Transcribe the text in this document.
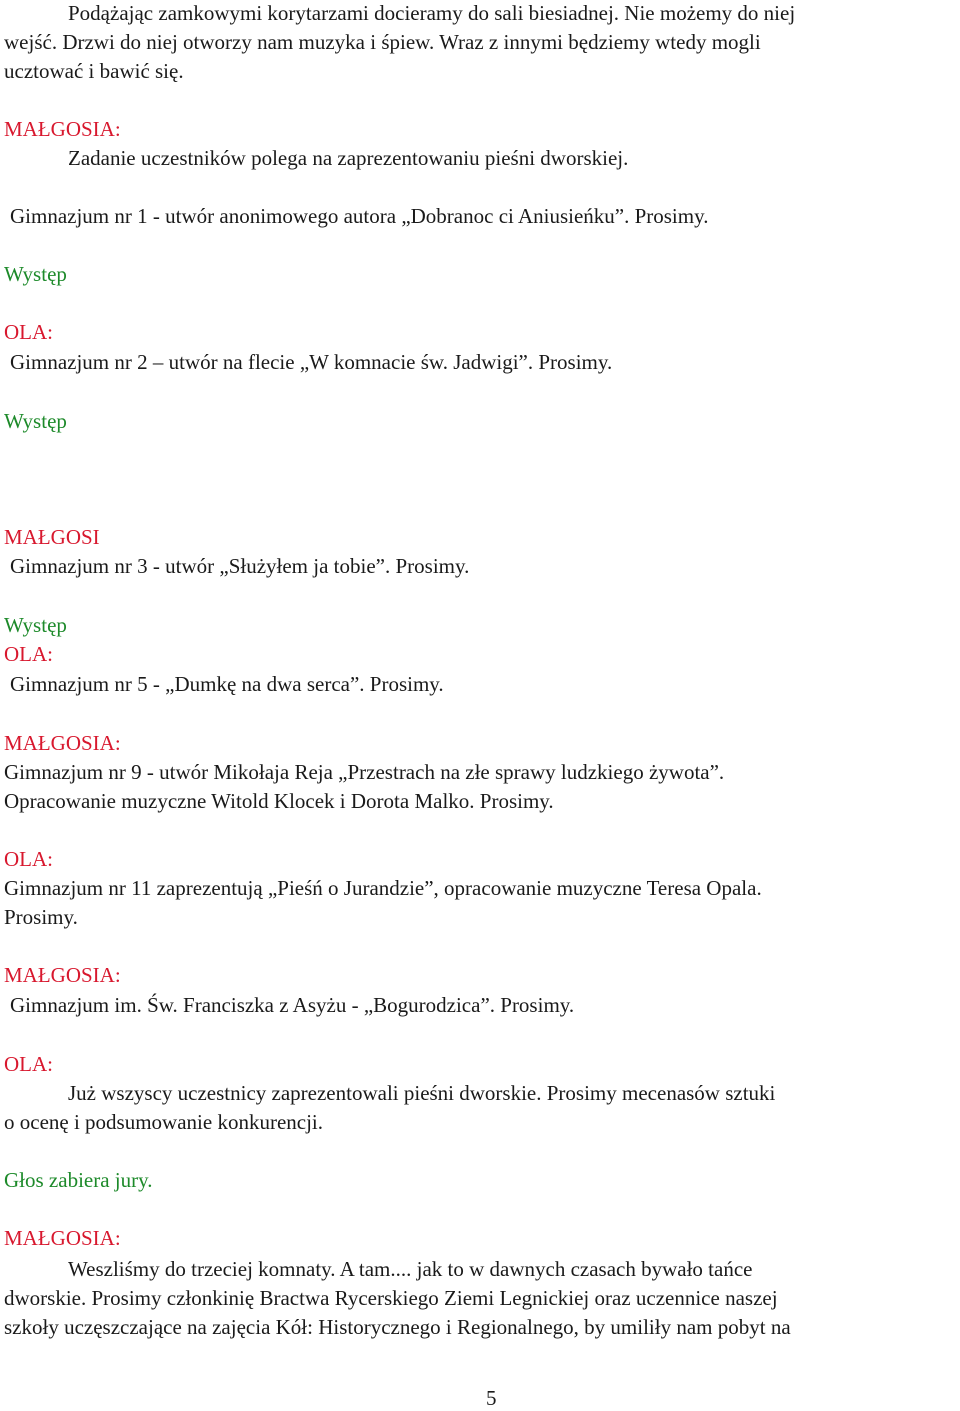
Podążając zamkowymi korytarzami docieramy do sali biesiadnej. Nie możemy do niej
wejść. Drzwi do niej otworzy nam muzyka i śpiew. Wraz z innymi będziemy wtedy mogli
ucztować i bawić się.
MAŁGOSIA:
Zadanie uczestników polega na zaprezentowaniu pieśni dworskiej.
Gimnazjum nr 1 - utwór anonimowego autora „Dobranoc ci Aniusieńku”. Prosimy.
Występ
OLA:
Gimnazjum nr 2 – utwór na flecie „W komnacie św. Jadwigi”. Prosimy.
Występ
MAŁGOSI
Gimnazjum nr 3 - utwór „Służyłem ja tobie”. Prosimy.
Występ
OLA:
Gimnazjum nr 5 - „Dumkę na dwa serca”. Prosimy.
MAŁGOSIA:
Gimnazjum nr 9 - utwór Mikołaja Reja „Przestrach na złe sprawy ludzkiego żywota”.
Opracowanie muzyczne Witold Klocek i Dorota Malko. Prosimy.
OLA:
Gimnazjum nr 11 zaprezentują „Pieśń o Jurandzie”, opracowanie muzyczne Teresa Opala.
Prosimy.
MAŁGOSIA:
Gimnazjum im. Św. Franciszka z Asyżu - „Bogurodzica”. Prosimy.
OLA:
Już wszyscy uczestnicy zaprezentowali pieśni dworskie. Prosimy mecenasów sztuki
o ocenę i podsumowanie konkurencji.
Głos zabiera jury.
MAŁGOSIA:
Weszliśmy do trzeciej komnaty. A tam.... jak to w dawnych czasach bywało tańce
dworskie. Prosimy członkinię Bractwa Rycerskiego Ziemi Legnickiej oraz uczennice naszej
szkoły uczęszczające na zajęcia Kół: Historycznego i Regionalnego, by umiliły nam pobyt na
5
